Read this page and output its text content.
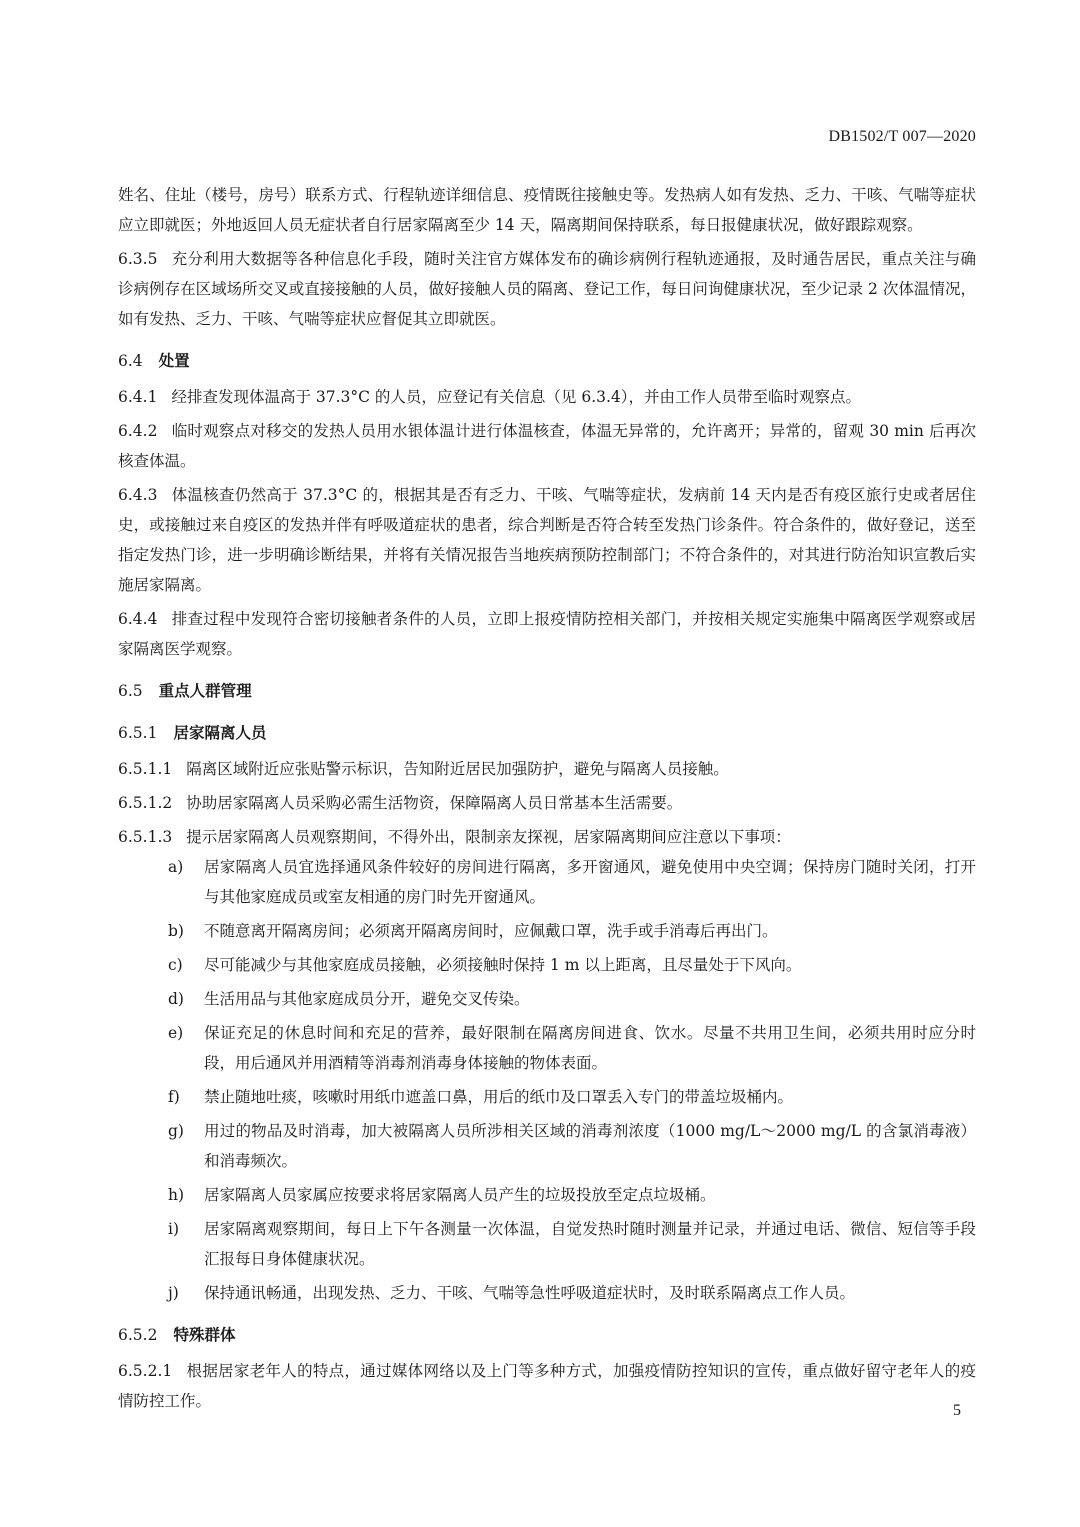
DB1502/T 007—2020

姓名、住址（楼号，房号）联系方式、行程轨迹详细信息、疫情既往接触史等。发热病人如有发热、乏力、干咳、气喘等症状应立即就医；外地返回人员无症状者自行居家隔离至少 14 天，隔离期间保持联系，每日报健康状况，做好跟踪观察。

6.3.5 充分利用大数据等各种信息化手段，随时关注官方媒体发布的确诊病例行程轨迹通报，及时通告居民，重点关注与确诊病例存在区域场所交叉或直接接触的人员，做好接触人员的隔离、登记工作，每日问询健康状况，至少记录 2 次体温情况，如有发热、乏力、干咳、气喘等症状应督促其立即就医。

6.4 处置

6.4.1 经排查发现体温高于 37.3°C 的人员，应登记有关信息（见 6.3.4），并由工作人员带至临时观察点。

6.4.2 临时观察点对移交的发热人员用水银体温计进行体温核查，体温无异常的，允许离开；异常的，留观 30 min 后再次核查体温。

6.4.3 体温核查仍然高于 37.3°C 的，根据其是否有乏力、干咳、气喘等症状，发病前 14 天内是否有疫区旅行史或者居住史，或接触过来自疫区的发热并伴有呼吸道症状的患者，综合判断是否符合转至发热门诊条件。符合条件的，做好登记，送至指定发热门诊，进一步明确诊断结果，并将有关情况报告当地疾病预防控制部门；不符合条件的，对其进行防治知识宣教后实施居家隔离。

6.4.4 排查过程中发现符合密切接触者条件的人员，立即上报疫情防控相关部门，并按相关规定实施集中隔离医学观察或居家隔离医学观察。

6.5 重点人群管理
6.5.1 居家隔离人员

6.5.1.1 隔离区域附近应张贴警示标识，告知附近居民加强防护，避免与隔离人员接触。

6.5.1.2 协助居家隔离人员采购必需生活物资，保障隔离人员日常基本生活需要。

6.5.1.3 提示居家隔离人员观察期间，不得外出，限制亲友探视，居家隔离期间应注意以下事项：

a) 居家隔离人员宜选择通风条件较好的房间进行隔离，多开窗通风，避免使用中央空调；保持房门随时关闭，打开与其他家庭成员或室友相通的房门时先开窗通风。
b) 不随意离开隔离房间；必须离开隔离房间时，应佩戴口罩，洗手或手消毒后再出门。
c) 尽可能减少与其他家庭成员接触，必须接触时保持 1 m 以上距离，且尽量处于下风向。
d) 生活用品与其他家庭成员分开，避免交叉传染。
e) 保证充足的休息时间和充足的营养，最好限制在隔离房间进食、饮水。尽量不共用卫生间，必须共用时应分时段，用后通风并用酒精等消毒剂消毒身体接触的物体表面。
f) 禁止随地吐痰，咳嗽时用纸巾遮盖口鼻，用后的纸巾及口罩丢入专门的带盖垃圾桶内。
g) 用过的物品及时消毒，加大被隔离人员所涉相关区域的消毒剂浓度（1000 mg/L～2000 mg/L 的含氯消毒液）和消毒频次。
h) 居家隔离人员家属应按要求将居家隔离人员产生的垃圾投放至定点垃圾桶。
i) 居家隔离观察期间，每日上下午各测量一次体温，自觉发热时随时测量并记录，并通过电话、微信、短信等手段汇报每日身体健康状况。
j) 保持通讯畅通，出现发热、乏力、干咳、气喘等急性呼吸道症状时，及时联系隔离点工作人员。
6.5.2 特殊群体

6.5.2.1 根据居家老年人的特点，通过媒体网络以及上门等多种方式，加强疫情防控知识的宣传，重点做好留守老年人的疫情防控工作。

5
